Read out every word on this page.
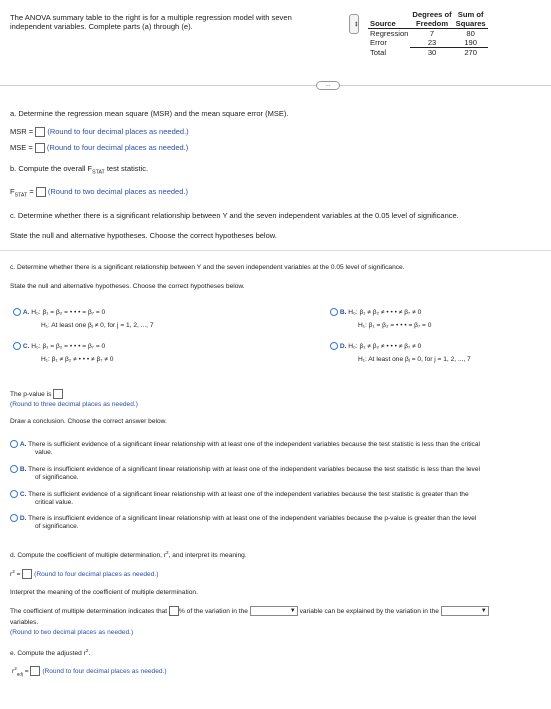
The ANOVA summary table to the right is for a multiple regression model with seven independent variables. Complete parts (a) through (e).	•••
	Degrees of	Sum of
Source	Freedom	Squares
Regression	7	80
Error	23	190
Total	30	270
...
a. Determine the regression mean square (MSR) and the mean square error (MSE).
MSR = (Round to four decimal places as needed.)
MSE = (Round to four decimal places as needed.)
b. Compute the overall $F_{STAT}$ test statistic.
$F_{STAT}$ = (Round to two decimal places as needed.)
c. Determine whether there is a significant relationship between Y and the seven independent variables at the 0.05 level of significance.
State the null and alternative hypotheses. Choose the correct hypotheses below.
c. Determine whether there is a significant relationship between Y and the seven independent variables at the 0.05 level of significance.
State the null and alternative hypotheses. Choose the correct hypotheses below.
A. H₀: β₁ = β₂ = • • • = β₇ = 0
H₁: At least one βⱼ ≠ 0, for j = 1, 2, ..., 7
B. H₀: β₁ ≠ β₂ ≠ • • • ≠ β₇ ≠ 0
H₁: β₁ = β₂ = • • • = β₇ = 0
C. H₀: β₁ = β₂ = • • • = β₇ = 0
H₁: β₁ ≠ β₂ ≠ • • • ≠ β₇ ≠ 0
D. H₀: β₁ ≠ β₂ ≠ • • • ≠ β₇ ≠ 0
H₁: At least one βⱼ = 0, for j = 1, 2, ..., 7
The p-value is
(Round to three decimal places as needed.)
Draw a conclusion. Choose the correct answer below.
A. There is sufficient evidence of a significant linear relationship with at least one of the independent variables because the test statistic is less than the critical
value.
B. There is insufficient evidence of a significant linear relationship with at least one of the independent variables because the test statistic is less than the level
of significance.
C. There is sufficient evidence of a significant linear relationship with at least one of the independent variables because the test statistic is greater than the
critical value.
D. There is insufficient evidence of a significant linear relationship with at least one of the independent variables because the p-value is greater than the level
of significance.
d. Compute the coefficient of multiple determination, $r^2$, and interpret its meaning.
$r^2$ = (Round to four decimal places as needed.)
Interpret the meaning of the coefficient of multiple determination.
The coefficient of multiple determination indicates that % of the variation in the	▼ variable can be explained by the variation in the	▼
variables.
(Round to two decimal places as needed.)
e. Compute the adjusted $r^2$.
$r^2_{adj}$ = (Round to four decimal places as needed.)
